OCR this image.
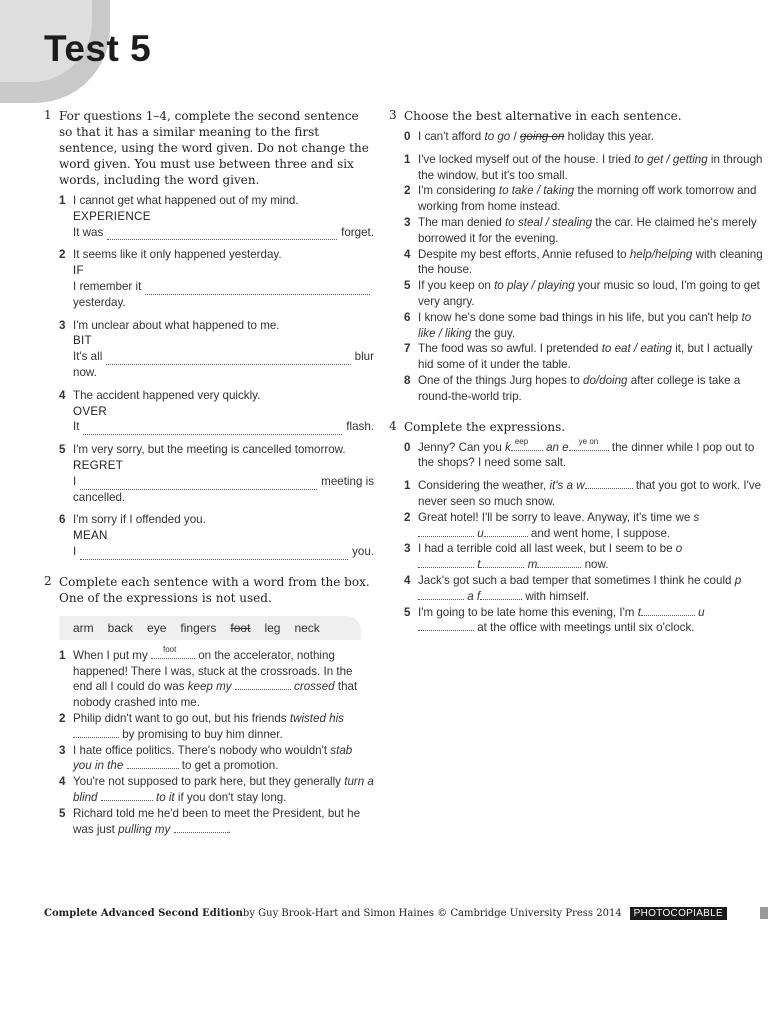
Test 5
1 For questions 1–4, complete the second sentence so that it has a similar meaning to the first sentence, using the word given. Do not change the word given. You must use between three and six words, including the word given.
1 I cannot get what happened out of my mind.
EXPERIENCE
It was	forget.
2 It seems like it only happened yesterday.
IF
I remember it
yesterday.
3 I'm unclear about what happened to me.
BIT
It's all	blur
now.
4 The accident happened very quickly.
OVER
It	flash.
5 I'm very sorry, but the meeting is cancelled tomorrow.
REGRET
I	meeting is
cancelled.
6 I'm sorry if I offended you.
MEAN
I	you.
2 Complete each sentence with a word from the box. One of the expressions is not used.
arm back eye fingers foot leg neck
1 When I put my foot on the accelerator, nothing happened! There I was, stuck at the crossroads. In the end all I could do was keep my	crossed that nobody crashed into me.
2 Philip didn't want to go out, but his friends twisted his  by promising to buy him dinner.
3 I hate office politics. There's nobody who wouldn't stab you in the	to get a promotion.
4 You're not supposed to park here, but they generally turn a blind	to it if you don't stay long.
5 Richard told me he'd been to meet the President, but he was just pulling my	.
3 Choose the best alternative in each sentence.
0 I can't afford to go / going on holiday this year.
1 I've locked myself out of the house. I tried to get / getting in through the window, but it's too small.
2 I'm considering to take / taking the morning off work tomorrow and working from home instead.
3 The man denied to steal / stealing the car. He claimed he's merely borrowed it for the evening.
4 Despite my best efforts, Annie refused to help/helping with cleaning the house.
5 If you keep on to play / playing your music so loud, I'm going to get very angry.
6 I know he's done some bad things in his life, but you can't help to like / liking the guy.
7 The food was so awful. I pretended to eat / eating it, but I actually hid some of it under the table.
8 One of the things Jurg hopes to do/doing after college is take a round-the-world trip.
4 Complete the expressions.
0 Jenny? Can you k eep an e ye on the dinner while I pop out to the shops? I need some salt.
1 Considering the weather, it's a w	that you got to work. I've never seen so much snow.
2 Great hotel! I'll be sorry to leave. Anyway, it's time we s
u	and went home, I suppose.
3 I had a terrible cold all last week, but I seem to be o
t	m	now.
4 Jack's got such a bad temper that sometimes I think he could p a f	with himself.
5 I'm going to be late home this evening, I'm t	u
at the office with meetings until six o'clock.
Complete Advanced Second Edition by Guy Brook-Hart and Simon Haines © Cambridge University Press 2014	PHOTOCOPIABLE
